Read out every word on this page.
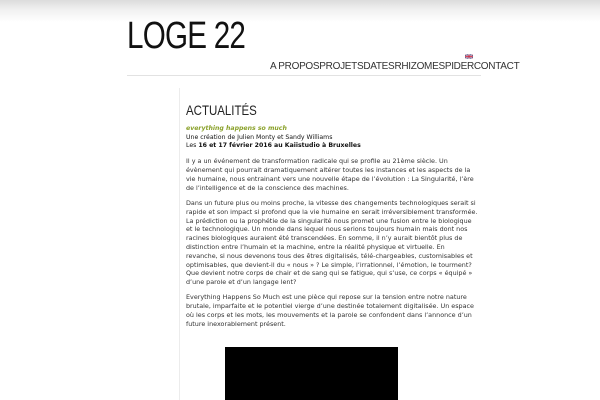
LOGE 22
A PROPOS PROJETS DATES RHIZOME SPIDER CONTACT
ACTUALITÉS

everything happens so much
Une création de Julien Monty et Sandy Williams
Les 16 et 17 février 2016 au Kaiistudio à Bruxelles

Il y a un événement de transformation radicale qui se profile au 21ème siècle. Un évènement qui pourrait dramatiquement altérer toutes les instances et les aspects de la vie humaine, nous entrainant vers une nouvelle étape de l’évolution : La Singularité, l’ère de l’intelligence et de la conscience des machines.

Dans un future plus ou moins proche, la vitesse des changements technologiques serait si rapide et son impact si profond que la vie humaine en serait irréversiblement transformée. La prédiction ou la prophétie de la singularité nous promet une fusion entre le biologique et le technologique. Un monde dans lequel nous serions toujours humain mais dont nos racines biologiques auraient été transcendées. En somme, il n’y aurait bientôt plus de distinction entre l’humain et la machine, entre la réalité physique et virtuelle. En revanche, si nous devenons tous des êtres digitalisés, télé-chargeables, customisables et optimisables, que devient-il du « nous » ? Le simple, l’irrationnel, l’émotion, le tourment? Que devient notre corps de chair et de sang qui se fatigue, qui s’use, ce corps « équipé » d’une parole et d’un langage lent?

Everything Happens So Much est une pièce qui repose sur la tension entre notre nature brutale, imparfaite et le potentiel vierge d’une destinée totalement digitalisée. Un espace où les corps et les mots, les mouvements et la parole se confondent dans l’annonce d’un future inexorablement présent.
